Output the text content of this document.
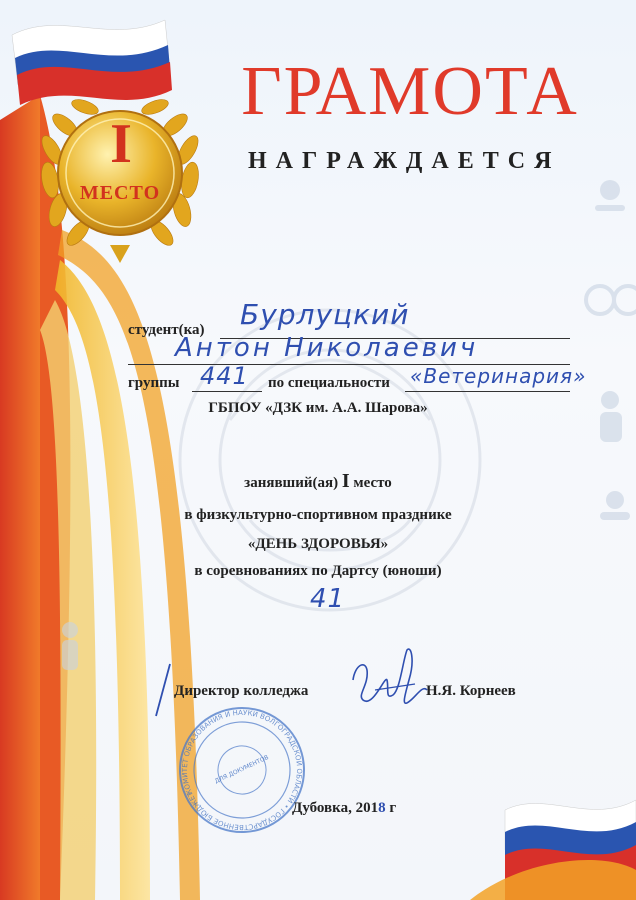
I
МЕСТО
ГРАМОТА
НАГРАЖДАЕТСЯ
студент(ка) Бурлуцкий
Антон Николаевич
группы 441 по специальности «Ветеринария»
ГБПОУ «ДЗК им. А.А. Шарова»
занявший(ая) I место
в физкультурно-спортивном празднике
«ДЕНЬ ЗДОРОВЬЯ»
в соревнованиях по Дартсу (юноши)
41
Директор колледжа	Н.Я. Корнеев
КОМИТЕТ ОБРАЗОВАНИЯ И НАУКИ ВОЛГОГРАДСКОЙ ОБЛАСТИ • ГОСУДАРСТВЕННОЕ БЮДЖЕТНОЕ
ДЛЯ ДОКУМЕНТОВ
Дубовка, 2018 г
